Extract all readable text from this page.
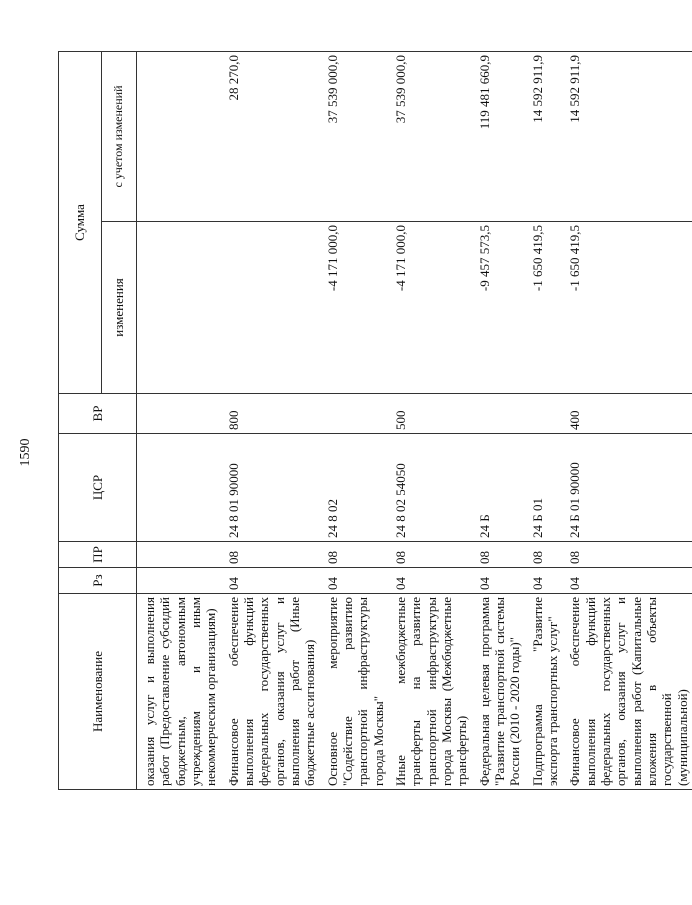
1590
Наименование	Рз	ПР	ЦСР	ВР	Сумма	
					изменения	с учетом изменений
оказания услуг и выполнения работ (Предоставление субсидий бюджетным, автономным учреждениям и иным некоммерческим организациям)						
Финансовое обеспечение выполнения функций федеральных государственных органов, оказания услуг и выполнения работ (Иные бюджетные ассигнования)	04	08	24 8 01 90000	800		28 270,0
Основное мероприятие "Содействие развитию транспортной инфраструктуры города Москвы"	04	08	24 8 02		-4 171 000,0	37 539 000,0
Иные межбюджетные трансферты на развитие транспортной инфраструктуры города Москвы (Межбюджетные трансферты)	04	08	24 8 02 54050	500	-4 171 000,0	37 539 000,0
Федеральная целевая программа "Развитие транспортной системы России (2010 - 2020 годы)"	04	08	24 Б		-9 457 573,5	119 481 660,9
Подпрограмма "Развитие экспорта транспортных услуг"	04	08	24 Б 01		-1 650 419,5	14 592 911,9
Финансовое обеспечение выполнения функций федеральных государственных органов, оказания услуг и выполнения работ (Капитальные вложения в объекты государственной (муниципальной)	04	08	24 Б 01 90000	400	-1 650 419,5	14 592 911,9
